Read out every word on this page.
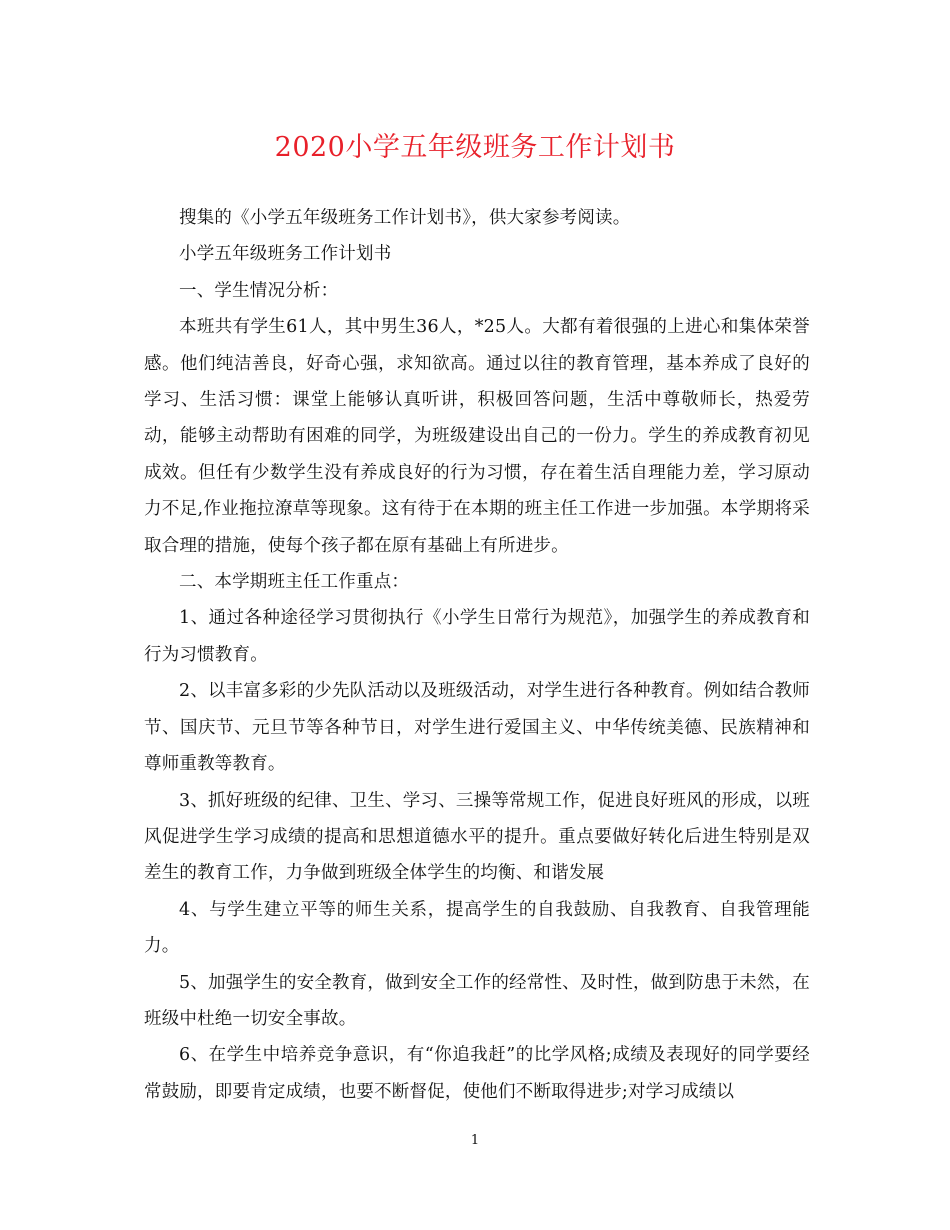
2020小学五年级班务工作计划书

搜集的《小学五年级班务工作计划书》，供大家参考阅读。

小学五年级班务工作计划书

一、学生情况分析：

本班共有学生61人，其中男生36人，*25人。大都有着很强的上进心和集体荣誉感。他们纯洁善良，好奇心强，求知欲高。通过以往的教育管理，基本养成了良好的学习、生活习惯：课堂上能够认真听讲，积极回答问题，生活中尊敬师长，热爱劳动，能够主动帮助有困难的同学，为班级建设出自己的一份力。学生的养成教育初见成效。但任有少数学生没有养成良好的行为习惯，存在着生活自理能力差，学习原动力不足,作业拖拉潦草等现象。这有待于在本期的班主任工作进一步加强。本学期将采取合理的措施，使每个孩子都在原有基础上有所进步。

二、本学期班主任工作重点：

1、通过各种途径学习贯彻执行《小学生日常行为规范》，加强学生的养成教育和行为习惯教育。

2、以丰富多彩的少先队活动以及班级活动，对学生进行各种教育。例如结合教师节、国庆节、元旦节等各种节日，对学生进行爱国主义、中华传统美德、民族精神和尊师重教等教育。

3、抓好班级的纪律、卫生、学习、三操等常规工作，促进良好班风的形成，以班风促进学生学习成绩的提高和思想道德水平的提升。重点要做好转化后进生特别是双差生的教育工作，力争做到班级全体学生的均衡、和谐发展

4、与学生建立平等的师生关系，提高学生的自我鼓励、自我教育、自我管理能力。

5、加强学生的安全教育，做到安全工作的经常性、及时性，做到防患于未然，在班级中杜绝一切安全事故。

6、在学生中培养竞争意识，有“你追我赶”的比学风格;成绩及表现好的同学要经常鼓励，即要肯定成绩，也要不断督促，使他们不断取得进步;对学习成绩以

1
